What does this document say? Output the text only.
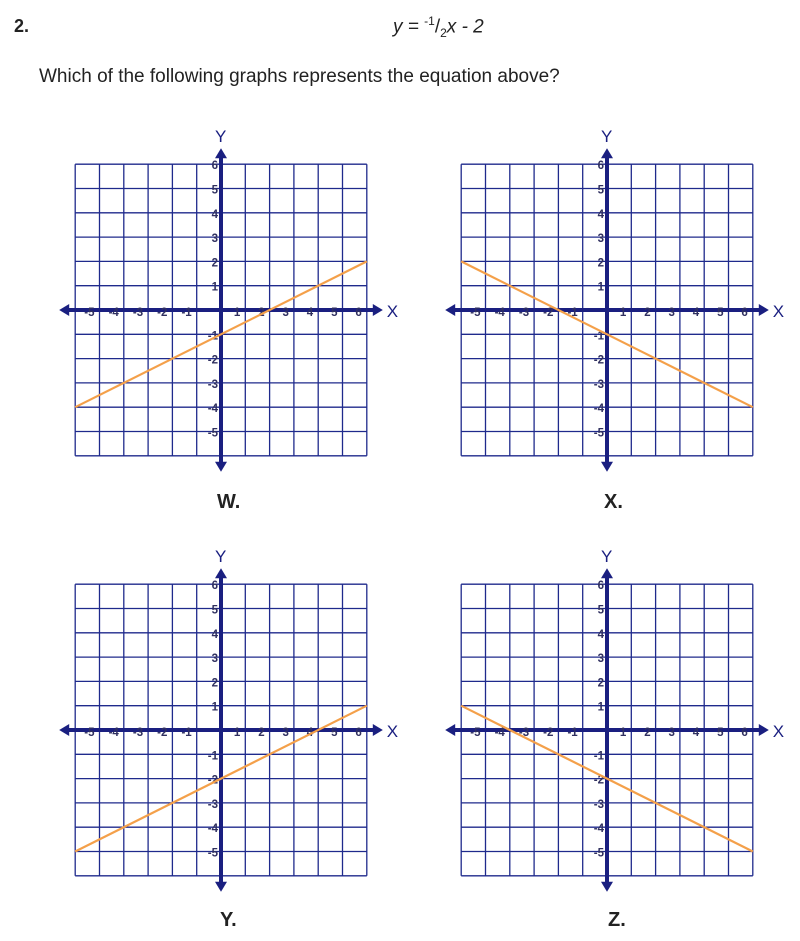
2.	$y = ^{-1}/_2x - 2$
Which of the following graphs represents the equation above?
X
Y
-5 -4 -3 -2 -1	1 2 3 4 5 6
6
5
4
3
2
1
-1
-2
-3
-4
-5
X
Y
-5 -4 -3 -2 -1	1 2 3 4 5 6
6
5
4
3
2
1
-1
-2
-3
-4
-5
X
Y
-5 -4 -3 -2 -1	1 2 3 4 5 6
6
5
4
3
2
1
-1
-2
-3
-4
-5
X
Y
-5 -4 -3 -2 -1	1 2 3 4 5 6
6
5
4
3
2
1
-1
-2
-3
-4
-5
W.	X.
Y.	Z.
